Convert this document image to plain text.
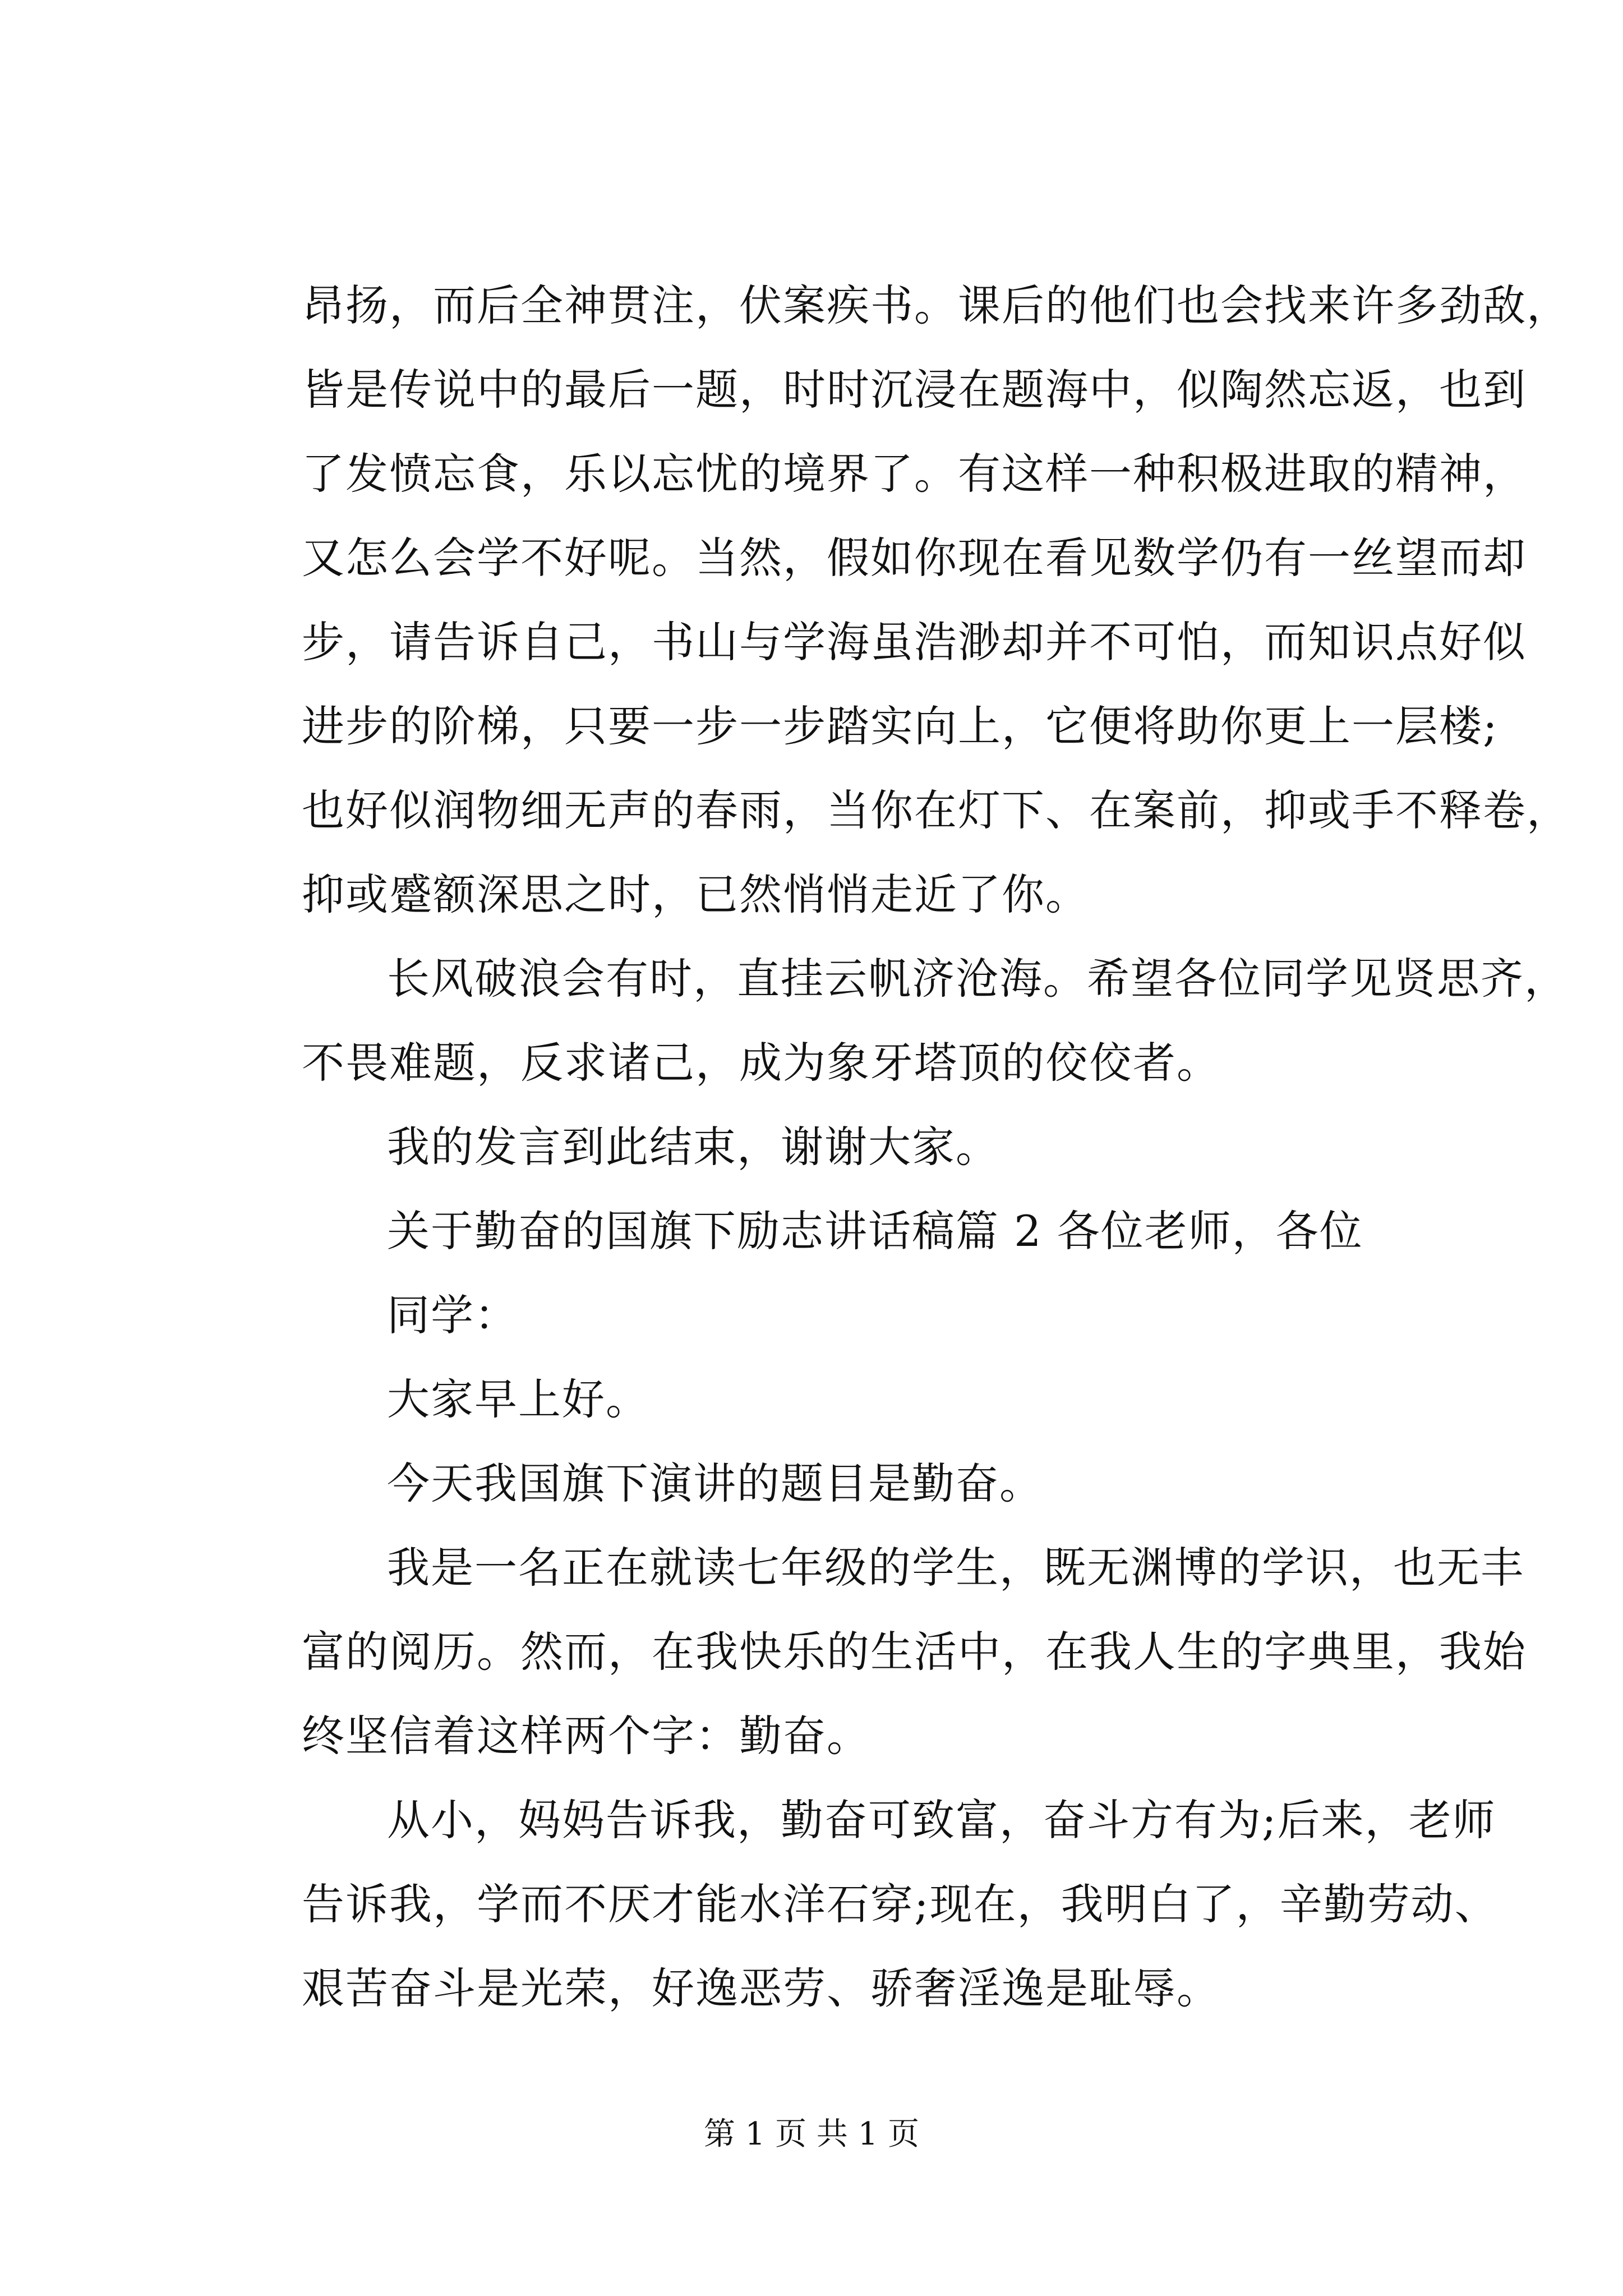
昂扬，而后全神贯注，伏案疾书。课后的他们也会找来许多劲敌，
皆是传说中的最后一题，时时沉浸在题海中，似陶然忘返，也到
了发愤忘食，乐以忘忧的境界了。有这样一种积极进取的精神，
又怎么会学不好呢。当然，假如你现在看见数学仍有一丝望而却
步，请告诉自己，书山与学海虽浩渺却并不可怕，而知识点好似
进步的阶梯，只要一步一步踏实向上，它便将助你更上一层楼;
也好似润物细无声的春雨，当你在灯下、在案前，抑或手不释卷，
抑或蹙额深思之时，已然悄悄走近了你。
长风破浪会有时，直挂云帆济沧海。希望各位同学见贤思齐，
不畏难题，反求诸己，成为象牙塔顶的佼佼者。
我的发言到此结束，谢谢大家。
关于勤奋的国旗下励志讲话稿篇 2 各位老师，各位
同学：
大家早上好。
今天我国旗下演讲的题目是勤奋。
我是一名正在就读七年级的学生，既无渊博的学识，也无丰
富的阅历。然而，在我快乐的生活中，在我人生的字典里，我始
终坚信着这样两个字：勤奋。
从小，妈妈告诉我，勤奋可致富，奋斗方有为;后来，老师
告诉我，学而不厌才能水洋石穿;现在，我明白了，辛勤劳动、
艰苦奋斗是光荣，好逸恶劳、骄奢淫逸是耻辱。
第 1 页 共 1 页
